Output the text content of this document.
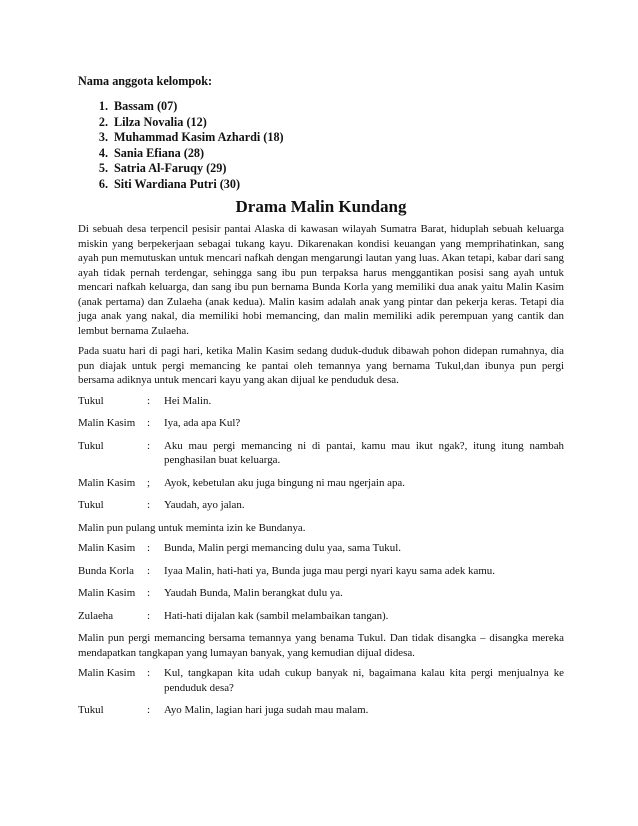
Nama anggota kelompok:

1. Bassam (07)
2. Lilza Novalia (12)
3. Muhammad Kasim Azhardi (18)
4. Sania Efiana (28)
5. Satria Al-Faruqy (29)
6. Siti Wardiana Putri (30)
Drama Malin Kundang

Di sebuah desa terpencil pesisir pantai Alaska di kawasan wilayah Sumatra Barat, hiduplah sebuah keluarga miskin yang berpekerjaan sebagai tukang kayu. Dikarenakan kondisi keuangan yang memprihatinkan, sang ayah pun memutuskan untuk mencari nafkah dengan mengarungi lautan yang luas. Akan tetapi, kabar dari sang ayah tidak pernah terdengar, sehingga sang ibu pun terpaksa harus menggantikan posisi sang ayah untuk mencari nafkah keluarga, dan sang ibu pun bernama Bunda Korla yang memiliki dua anak yaitu Malin Kasim (anak pertama) dan Zulaeha (anak kedua). Malin kasim adalah anak yang pintar dan pekerja keras. Tetapi dia juga anak yang nakal, dia memiliki hobi memancing, dan malin memiliki adik perempuan yang cantik dan lembut bernama Zulaeha.

Pada suatu hari di pagi hari, ketika Malin Kasim sedang duduk-duduk dibawah pohon didepan rumahnya, dia pun diajak untuk pergi memancing ke pantai oleh temannya yang bernama Tukul,dan ibunya pun pergi bersama adiknya untuk mencari kayu yang akan dijual ke penduduk desa.

Tukul	:	Hei Malin.
Malin Kasim	:	Iya, ada apa Kul?
Tukul	:	Aku mau pergi memancing ni di pantai, kamu mau ikut ngak?, itung itung nambah penghasilan buat keluarga.
Malin Kasim	;	Ayok, kebetulan aku juga bingung ni mau ngerjain apa.
Tukul	:	Yaudah, ayo jalan.

Malin pun pulang untuk meminta izin ke Bundanya.

Malin Kasim	:	Bunda, Malin pergi memancing dulu yaa, sama Tukul.
Bunda Korla	:	Iyaa Malin, hati-hati ya, Bunda juga mau pergi nyari kayu sama adek kamu.
Malin Kasim	:	Yaudah Bunda, Malin berangkat dulu ya.
Zulaeha	:	Hati-hati dijalan kak (sambil melambaikan tangan).

Malin pun pergi memancing bersama temannya yang benama Tukul. Dan tidak disangka – disangka mereka mendapatkan tangkapan yang lumayan banyak, yang kemudian dijual didesa.

Malin Kasim	:	Kul, tangkapan kita udah cukup banyak ni, bagaimana kalau kita pergi menjualnya ke penduduk desa?
Tukul	:	Ayo Malin, lagian hari juga sudah mau malam.
